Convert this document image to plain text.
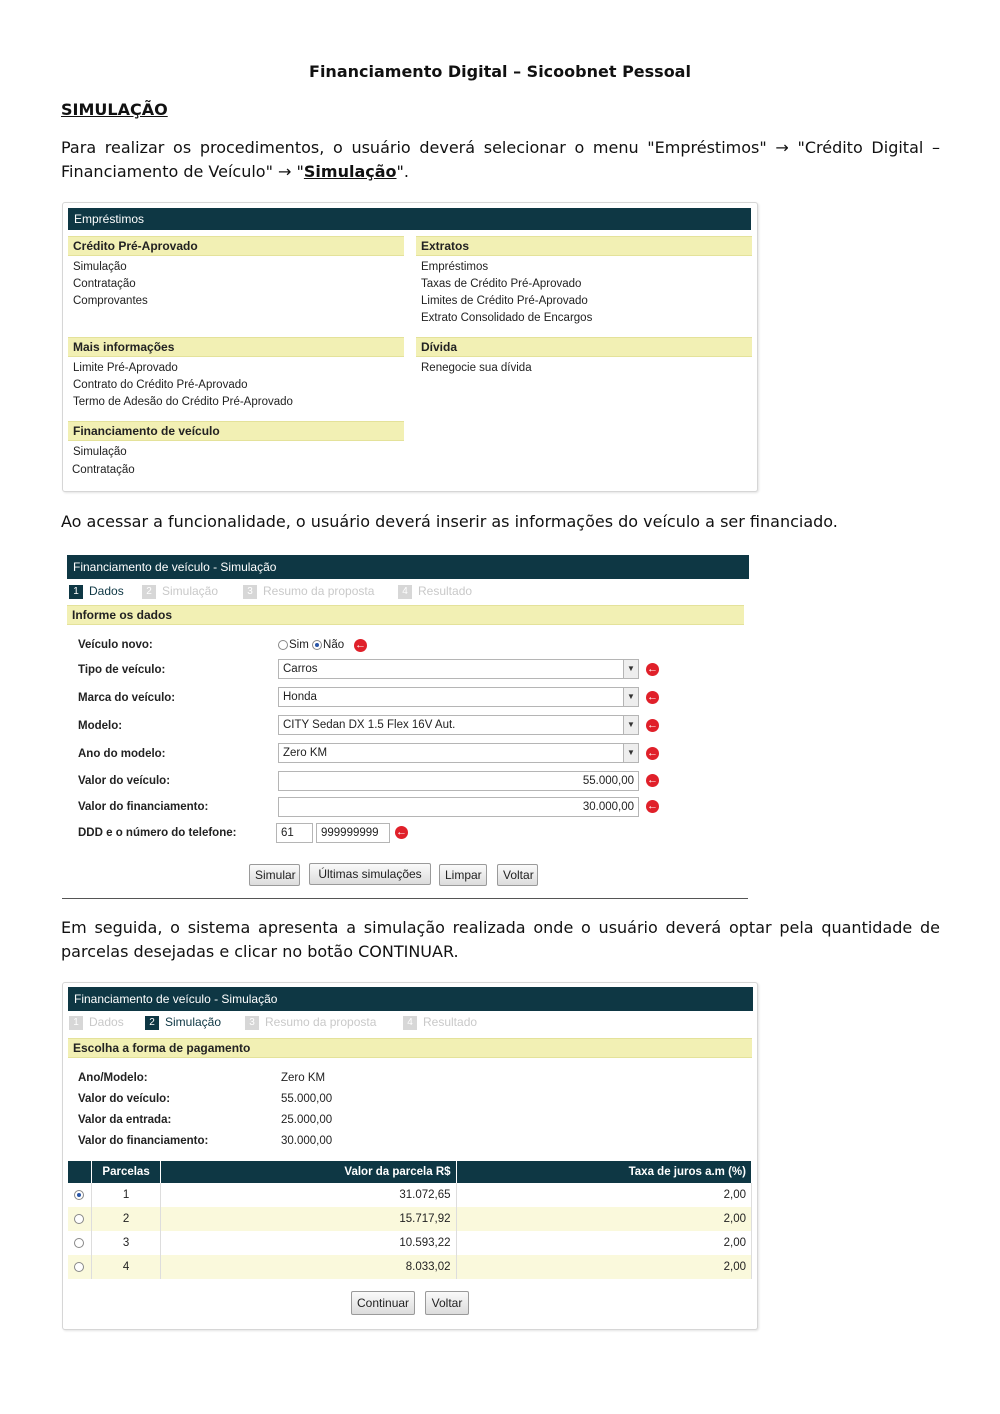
Financiamento Digital – Sicoobnet Pessoal
SIMULAÇÃO

Para realizar os procedimentos, o usuário deverá selecionar o menu "Empréstimos" → "Crédito Digital – Financiamento de Veículo" → "Simulação".

Empréstimos
Crédito Pré-Aprovado
Simulação
Contratação
Comprovantes
Extratos
Empréstimos
Taxas de Crédito Pré-Aprovado
Limites de Crédito Pré-Aprovado
Extrato Consolidado de Encargos
Mais informações
Limite Pré-Aprovado
Contrato do Crédito Pré-Aprovado
Termo de Adesão do Crédito Pré-Aprovado
Dívida
Renegocie sua dívida
Financiamento de veículo
Simulação
Contratação

Ao acessar a funcionalidade, o usuário deverá inserir as informações do veículo a ser financiado.

Financiamento de veículo - Simulação
1 Dados	2 Simulação	3 Resumo da proposta	4 Resultado
Informe os dados
Veículo novo:	Sim Não ←
Tipo de veículo:	Carros	▼ ←
Marca do veículo:	Honda	▼ ←
Modelo:	CITY Sedan DX 1.5 Flex 16V Aut.	▼ ←
Ano do modelo:	Zero KM	▼ ←
Valor do veículo:	55.000,00	←
Valor do financiamento:	30.000,00	←
DDD e o número do telefone:	61	999999999	←
Simular	Últimas simulações	Limpar	Voltar

Em seguida, o sistema apresenta a simulação realizada onde o usuário deverá optar pela quantidade de parcelas desejadas e clicar no botão CONTINUAR.

Financiamento de veículo - Simulação
1 Dados	2 Simulação	3 Resumo da proposta	4 Resultado
Escolha a forma de pagamento
Ano/Modelo:	Zero KM
Valor do veículo:	55.000,00
Valor da entrada:	25.000,00
Valor do financiamento:	30.000,00
	Parcelas	Valor da parcela R$	Taxa de juros a.m (%)
	1	31.072,65	2,00
	2	15.717,92	2,00
	3	10.593,22	2,00
	4	8.033,02	2,00
Continuar	Voltar
